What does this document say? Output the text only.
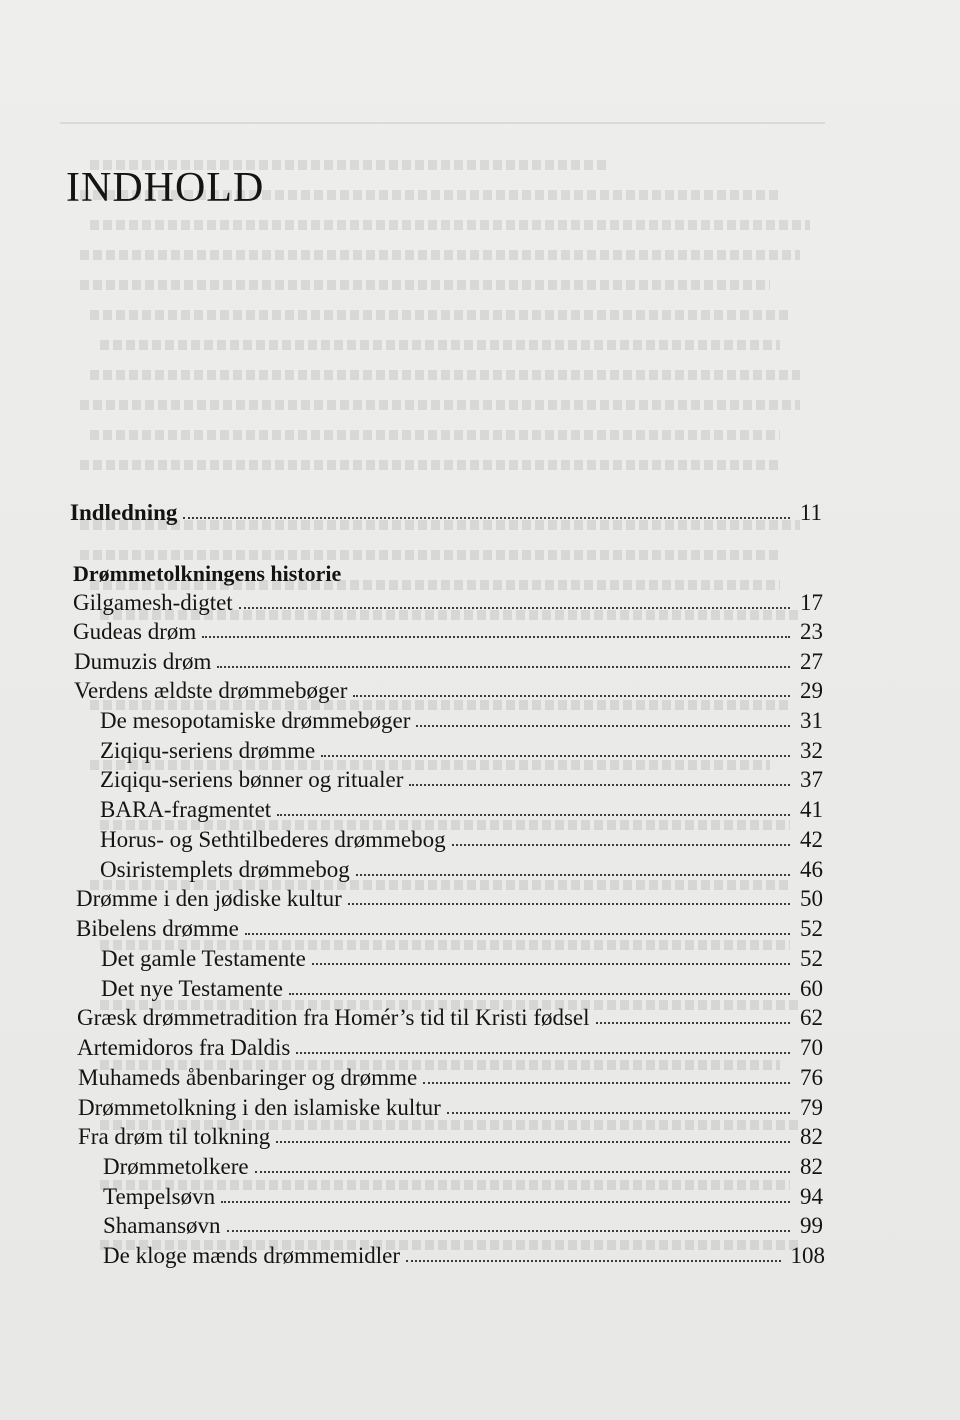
INDHOLD
Indledning	11
Drømmetolkningens historie
Gilgamesh-digtet	17
Gudeas drøm	23
Dumuzis drøm	27
Verdens ældste drømmebøger	29
De mesopotamiske drømmebøger	31
Ziqiqu-seriens drømme	32
Ziqiqu-seriens bønner og ritualer	37
BARA-fragmentet	41
Horus- og Sethtilbederes drømmebog	42
Osiristemplets drømmebog	46
Drømme i den jødiske kultur	50
Bibelens drømme	52
Det gamle Testamente	52
Det nye Testamente	60
Græsk drømmetradition fra Homér’s tid til Kristi fødsel	62
Artemidoros fra Daldis	70
Muhameds åbenbaringer og drømme	76
Drømmetolkning i den islamiske kultur	79
Fra drøm til tolkning	82
Drømmetolkere	82
Tempelsøvn	94
Shamansøvn	99
De kloge mænds drømmemidler	108
